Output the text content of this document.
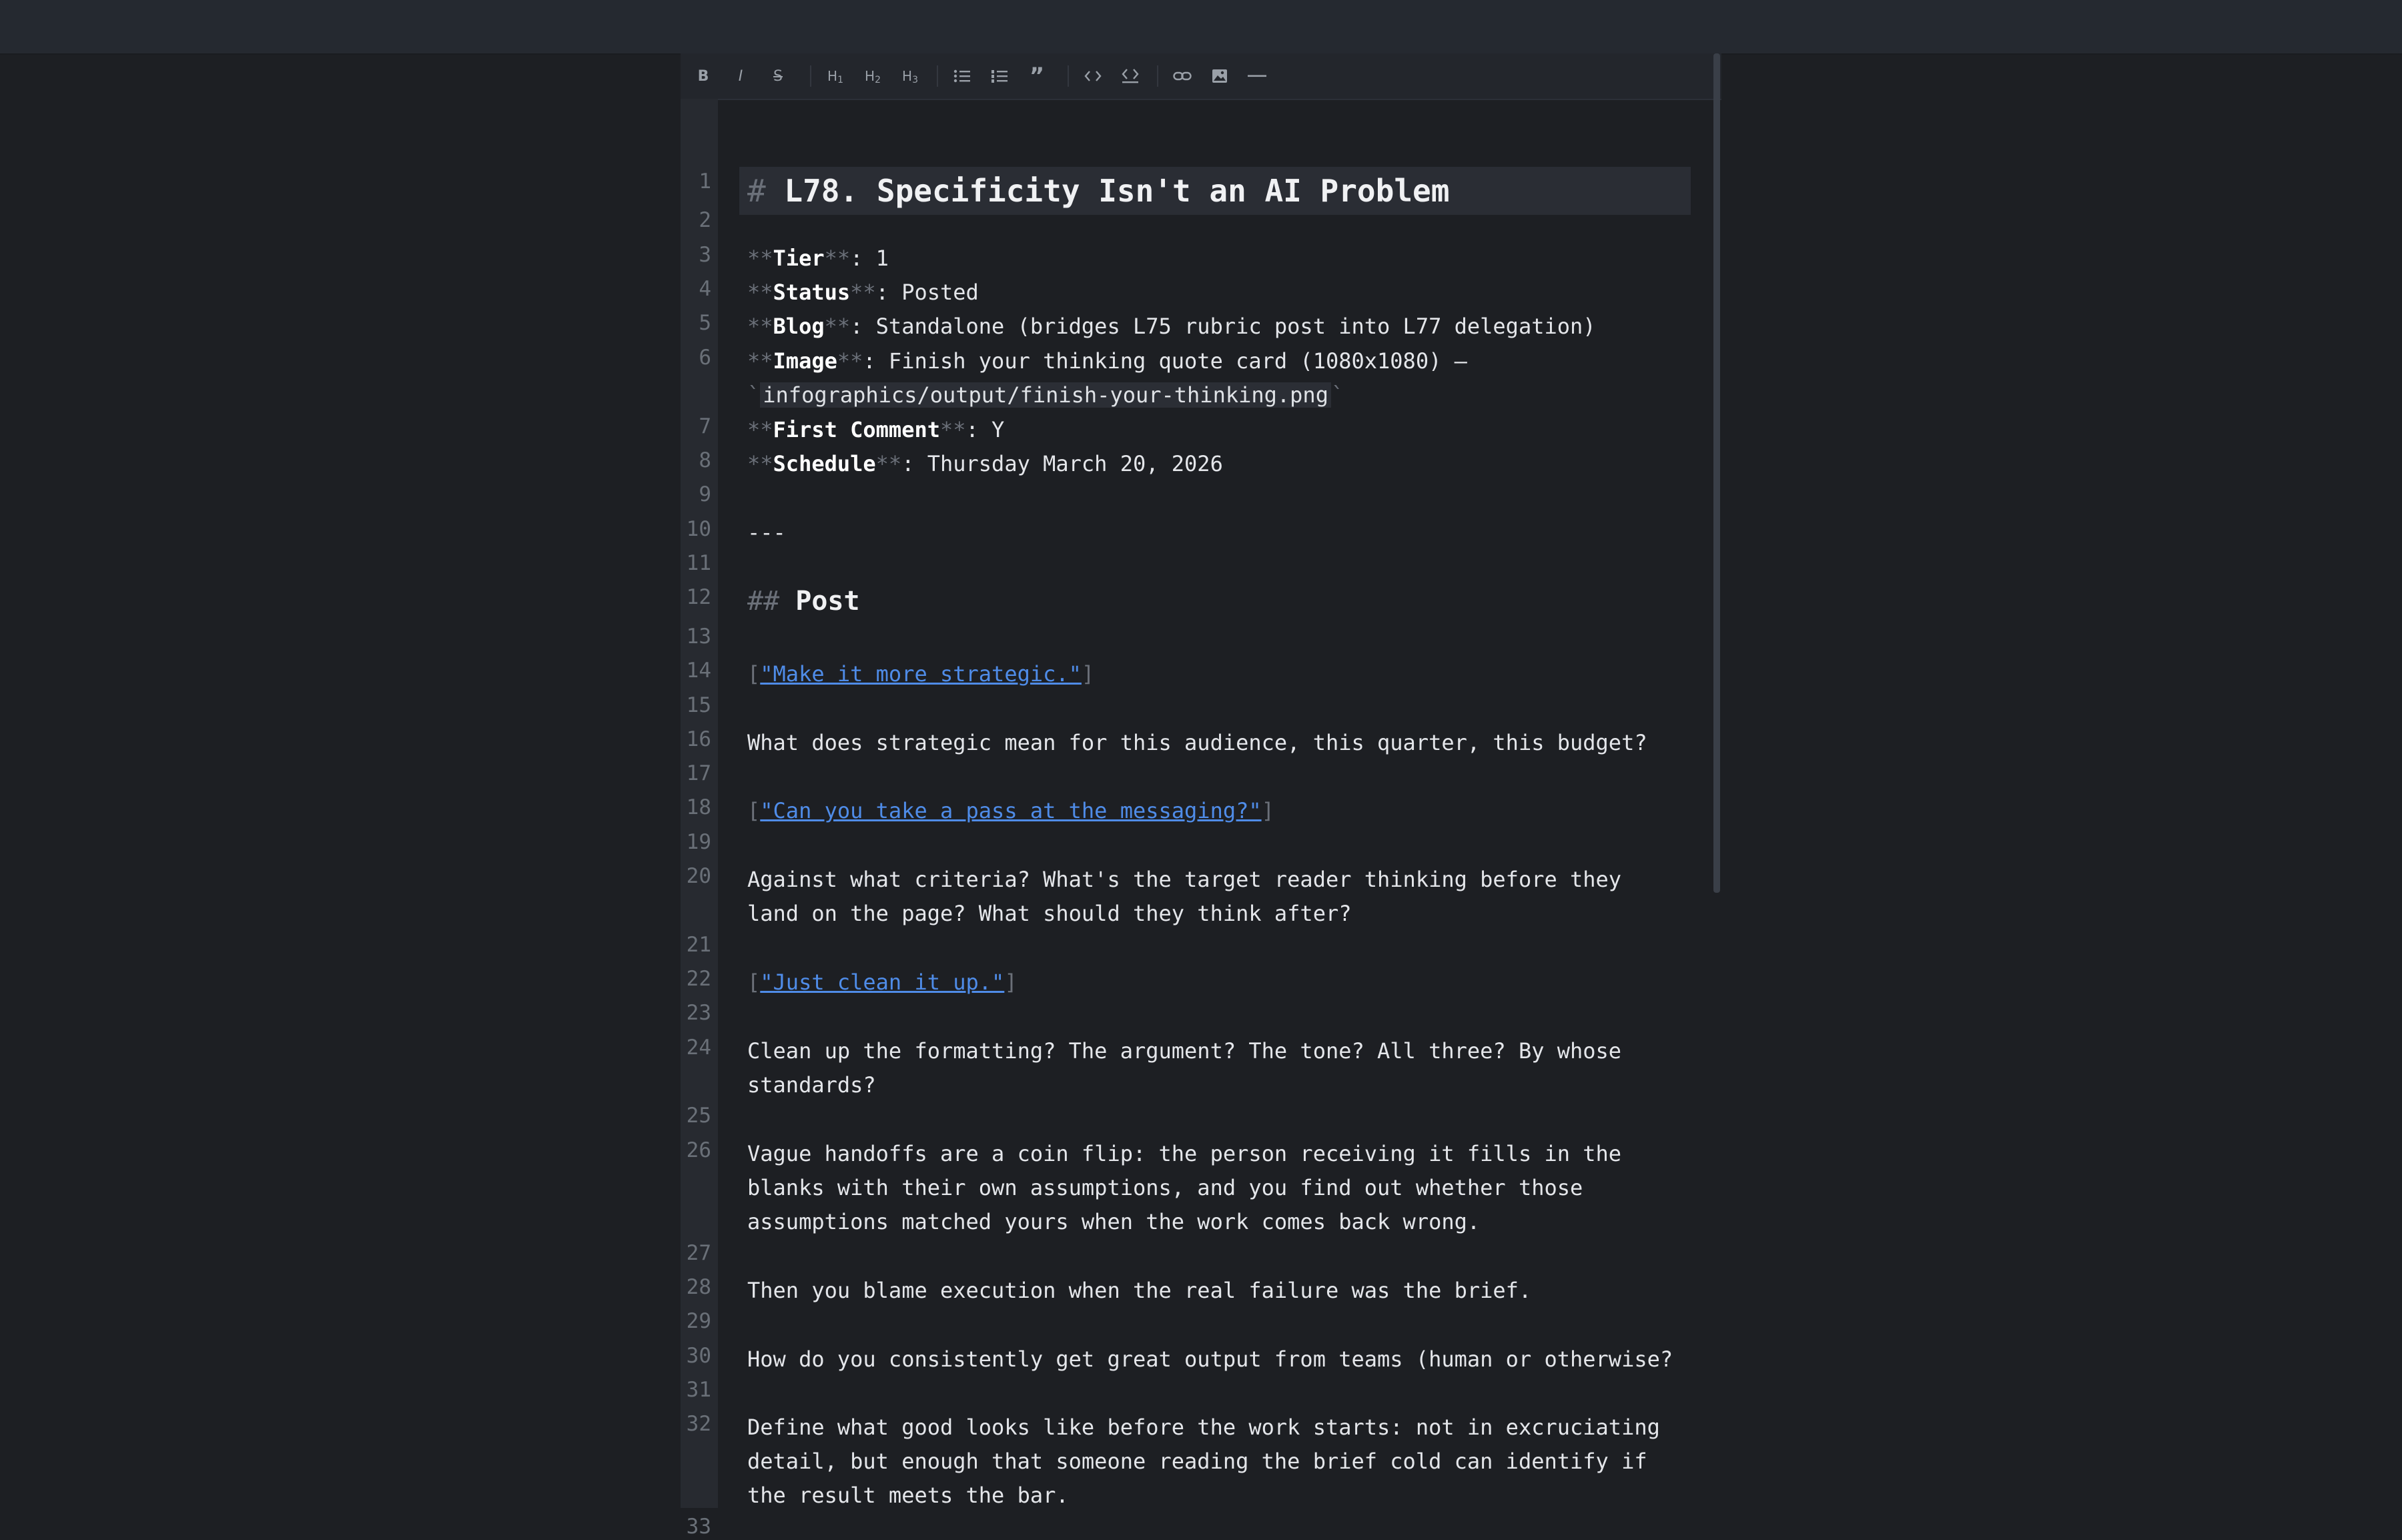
B	I	S	H 1 H 2 H 3	”
1
2
3
4
5
6
7
8
9
10
11
12
13
14
15
16
17
18
19
20
21
22
23
24
25
26
27
28
29
30
31
32
33
# L78. Specificity Isn't an AI Problem
**Tier**: 1
**Status**: Posted
**Blog**: Standalone (bridges L75 rubric post into L77 delegation)
**Image**: Finish your thinking quote card (1080x1080) —
` infographics/output/finish-your-thinking.png `
**First Comment**: Y
**Schedule**: Thursday March 20, 2026
---
## Post
["Make it more strategic."]
What does strategic mean for this audience, this quarter, this budget?
["Can you take a pass at the messaging?"]
Against what criteria? What's the target reader thinking before they
land on the page? What should they think after?
["Just clean it up."]
Clean up the formatting? The argument? The tone? All three? By whose
standards?
Vague handoffs are a coin flip: the person receiving it fills in the
blanks with their own assumptions, and you find out whether those
assumptions matched yours when the work comes back wrong.
Then you blame execution when the real failure was the brief.
How do you consistently get great output from teams (human or otherwise?
Define what good looks like before the work starts: not in excruciating
detail, but enough that someone reading the brief cold can identify if
the result meets the bar.
